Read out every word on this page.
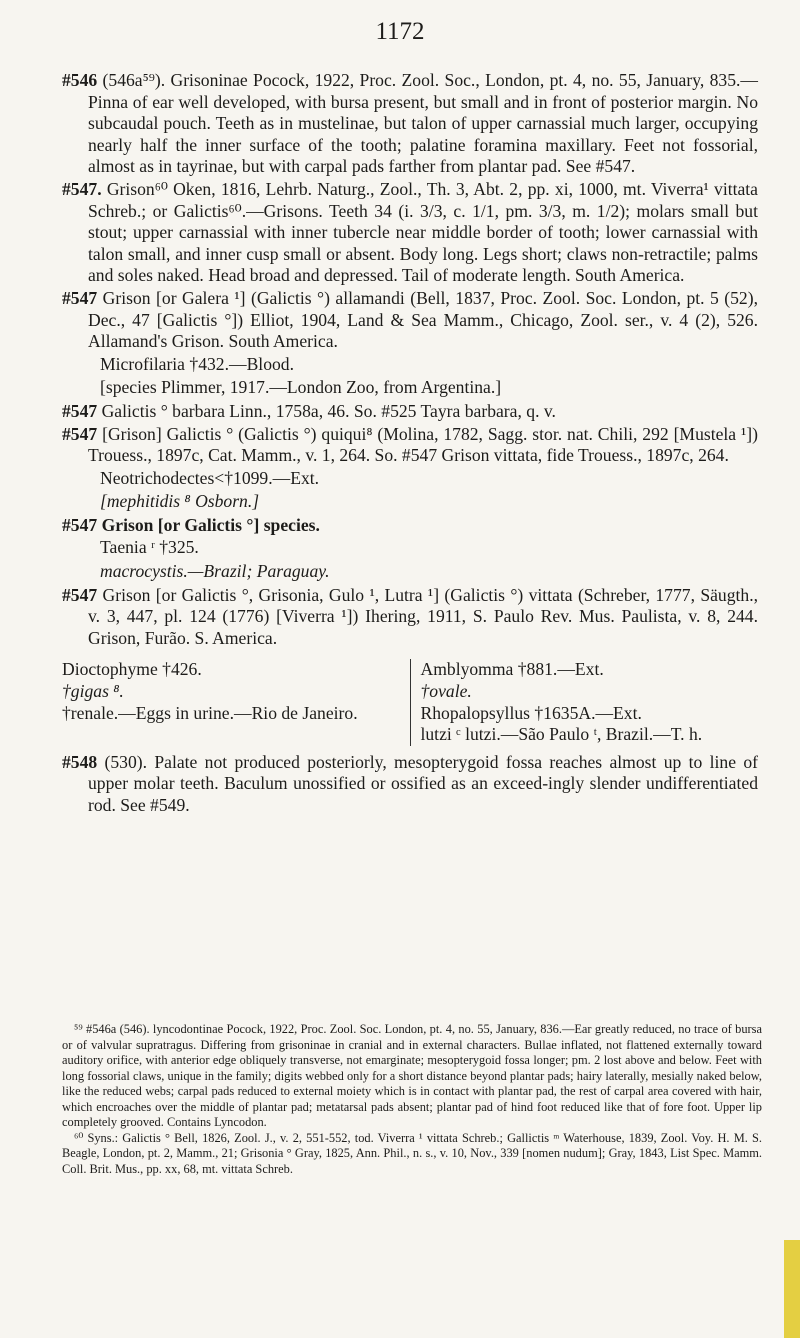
1172

#546 (546a⁵⁹). Grisoninae Pocock, 1922, Proc. Zool. Soc., London, pt. 4, no. 55, January, 835.—Pinna of ear well developed, with bursa present, but small and in front of posterior margin. No subcaudal pouch. Teeth as in mustelinae, but talon of upper carnassial much larger, occupying nearly half the inner surface of the tooth; palatine foramina maxillary. Feet not fossorial, almost as in tayrinae, but with carpal pads farther from plantar pad. See #547.

#547. Grison⁶⁰ Oken, 1816, Lehrb. Naturg., Zool., Th. 3, Abt. 2, pp. xi, 1000, mt. Viverra¹ vittata Schreb.; or Galictis⁶⁰.—Grisons. Teeth 34 (i. 3/3, c. 1/1, pm. 3/3, m. 1/2); molars small but stout; upper carnassial with inner tubercle near middle border of tooth; lower carnassial with talon small, and inner cusp small or absent. Body long. Legs short; claws non-retractile; palms and soles naked. Head broad and depressed. Tail of moderate length. South America.

#547 Grison [or Galera ¹] (Galictis °) allamandi (Bell, 1837, Proc. Zool. Soc. London, pt. 5 (52), Dec., 47 [Galictis °]) Elliot, 1904, Land & Sea Mamm., Chicago, Zool. ser., v. 4 (2), 526. Allamand's Grison. South America.

Microfilaria †432.—Blood.

[species Plimmer, 1917.—London Zoo, from Argentina.]

#547 Galictis ° barbara Linn., 1758a, 46. So. #525 Tayra barbara, q. v.

#547 [Grison] Galictis ° (Galictis °) quiqui⁸ (Molina, 1782, Sagg. stor. nat. Chili, 292 [Mustela ¹]) Trouess., 1897c, Cat. Mamm., v. 1, 264. So. #547 Grison vittata, fide Trouess., 1897c, 264.

Neotrichodectes<†1099.—Ext.

[mephitidis ⁸ Osborn.]

#547 Grison [or Galictis °] species.

Taenia ʳ †325.

macrocystis.—Brazil; Paraguay.

#547 Grison [or Galictis °, Grisonia, Gulo ¹, Lutra ¹] (Galictis °) vittata (Schreber, 1777, Säugth., v. 3, 447, pl. 124 (1776) [Viverra ¹]) Ihering, 1911, S. Paulo Rev. Mus. Paulista, v. 8, 244. Grison, Furão. S. America.

Dioctophyme †426.

†gigas ⁸.

†renale.—Eggs in urine.—Rio de Janeiro.

Amblyomma †881.—Ext.

†ovale.

Rhopalopsyllus †1635A.—Ext.

lutzi ᶜ lutzi.—São Paulo ᵗ, Brazil.—T. h.

#548 (530). Palate not produced posteriorly, mesopterygoid fossa reaches almost up to line of upper molar teeth. Baculum unossified or ossified as an exceed-ingly slender undifferentiated rod. See #549.

⁵⁹ #546a (546). lyncodontinae Pocock, 1922, Proc. Zool. Soc. London, pt. 4, no. 55, January, 836.—Ear greatly reduced, no trace of bursa or of valvular supratragus. Differing from grisoninae in cranial and in external characters. Bullae inflated, not flattened externally toward auditory orifice, with anterior edge obliquely transverse, not emarginate; mesopterygoid fossa longer; pm. 2 lost above and below. Feet with long fossorial claws, unique in the family; digits webbed only for a short distance beyond plantar pads; hairy laterally, mesially naked below, like the reduced webs; carpal pads reduced to external moiety which is in contact with plantar pad, the rest of carpal area covered with hair, which encroaches over the middle of plantar pad; metatarsal pads absent; plantar pad of hind foot reduced like that of fore foot. Upper lip completely grooved. Contains Lyncodon.

⁶⁰ Syns.: Galictis ° Bell, 1826, Zool. J., v. 2, 551-552, tod. Viverra ¹ vittata Schreb.; Gallictis ᵐ Waterhouse, 1839, Zool. Voy. H. M. S. Beagle, London, pt. 2, Mamm., 21; Grisonia ° Gray, 1825, Ann. Phil., n. s., v. 10, Nov., 339 [nomen nudum]; Gray, 1843, List Spec. Mamm. Coll. Brit. Mus., pp. xx, 68, mt. vittata Schreb.
